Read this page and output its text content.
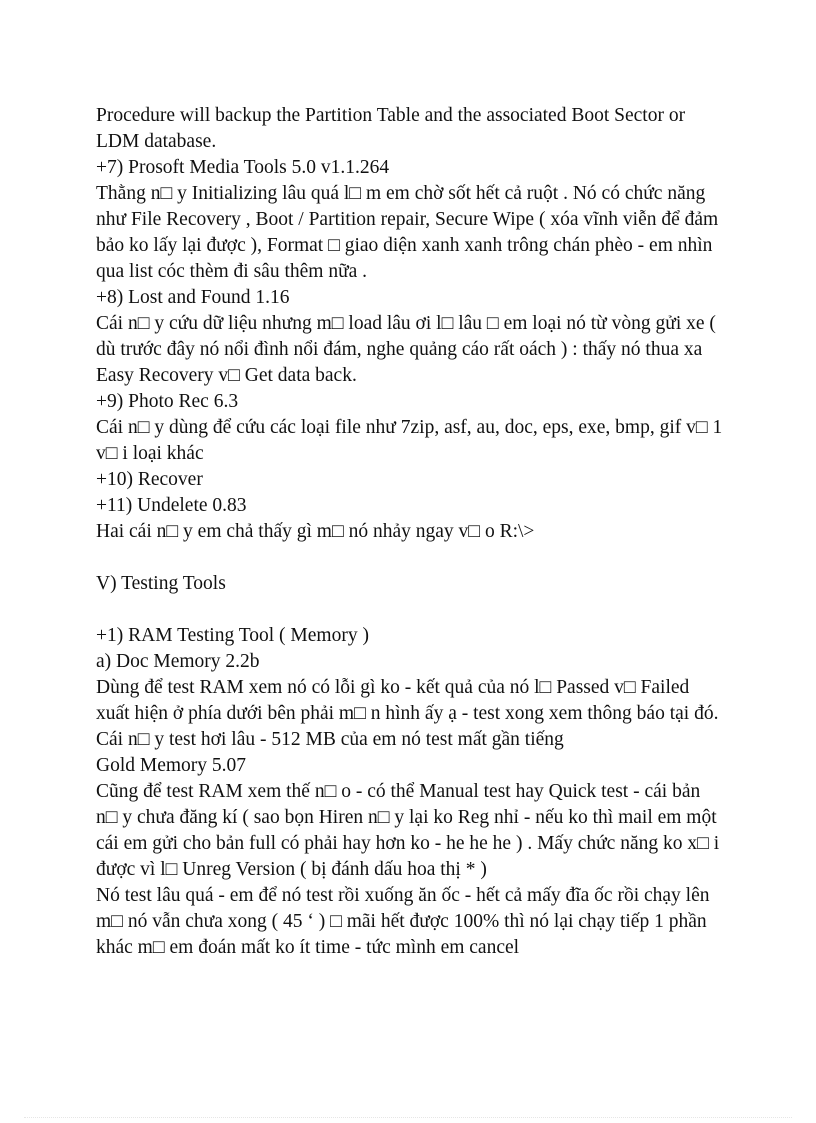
Procedure will backup the Partition Table and the associated Boot Sector or LDM database.

+7) Prosoft Media Tools 5.0 v1.1.264

Thằng n□ y Initializing lâu quá l□ m em chờ sốt hết cả ruột . Nó có chức năng như File Recovery , Boot / Partition repair, Secure Wipe ( xóa vĩnh viễn để đảm bảo ko lấy lại được ), Format □ giao diện xanh xanh trông chán phèo - em nhìn qua list cóc thèm đi sâu thêm nữa .

+8) Lost and Found 1.16

Cái n□ y cứu dữ liệu nhưng m□ load lâu ơi l□ lâu □ em loại nó từ vòng gửi xe ( dù trước đây nó nổi đình nổi đám, nghe quảng cáo rất oách ) : thấy nó thua xa Easy Recovery v□ Get data back.

+9) Photo Rec 6.3

Cái n□ y dùng để cứu các loại file như 7zip, asf, au, doc, eps, exe, bmp, gif v□ 1 v□ i loại khác

+10) Recover

+11) Undelete 0.83

Hai cái n□ y em chả thấy gì m□ nó nhảy ngay v□ o R:\>

V) Testing Tools

+1) RAM Testing Tool ( Memory )

a) Doc Memory 2.2b

Dùng để test RAM xem nó có lỗi gì ko - kết quả của nó l□ Passed v□ Failed xuất hiện ở phía dưới bên phải m□ n hình ấy ạ - test xong xem thông báo tại đó.

Cái n□ y test hơi lâu - 512 MB của em nó test mất gần tiếng

Gold Memory 5.07

Cũng để test RAM xem thế n□ o - có thể Manual test hay Quick test - cái bản n□ y chưa đăng kí ( sao bọn Hiren n□ y lại ko Reg nhỉ - nếu ko thì mail em một cái em gửi cho bản full có phải hay hơn ko - he he he ) . Mấy chức năng ko x□ i được vì l□ Unreg Version ( bị đánh dấu hoa thị * )

Nó test lâu quá - em để nó test rồi xuống ăn ốc - hết cả mấy đĩa ốc rồi chạy lên m□ nó vẫn chưa xong ( 45 ‘ ) □ mãi hết được 100% thì nó lại chạy tiếp 1 phần khác m□ em đoán mất ko ít time - tức mình em cancel
